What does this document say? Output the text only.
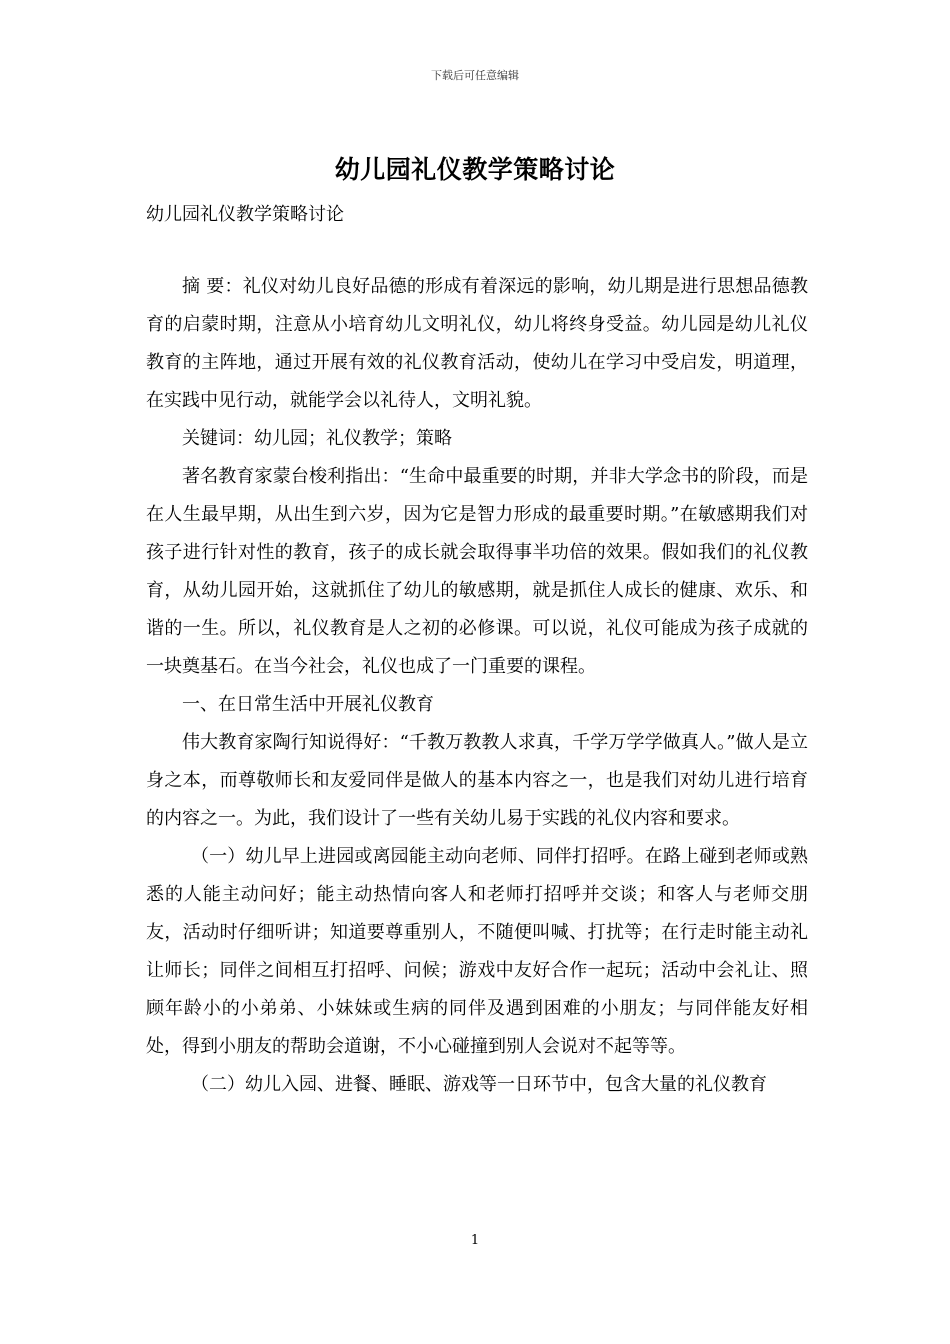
下载后可任意编辑
幼儿园礼仪教学策略讨论
幼儿园礼仪教学策略讨论

摘 要：礼仪对幼儿良好品德的形成有着深远的影响，幼儿期是进行思想品德教育的启蒙时期，注意从小培育幼儿文明礼仪，幼儿将终身受益。幼儿园是幼儿礼仪教育的主阵地，通过开展有效的礼仪教育活动，使幼儿在学习中受启发，明道理，在实践中见行动，就能学会以礼待人，文明礼貌。

关键词：幼儿园；礼仪教学；策略

著名教育家蒙台梭利指出：“生命中最重要的时期，并非大学念书的阶段，而是在人生最早期，从出生到六岁，因为它是智力形成的最重要时期。”在敏感期我们对孩子进行针对性的教育，孩子的成长就会取得事半功倍的效果。假如我们的礼仪教育，从幼儿园开始，这就抓住了幼儿的敏感期，就是抓住人成长的健康、欢乐、和谐的一生。所以，礼仪教育是人之初的必修课。可以说，礼仪可能成为孩子成就的一块奠基石。在当今社会，礼仪也成了一门重要的课程。

一、在日常生活中开展礼仪教育

伟大教育家陶行知说得好：“千教万教教人求真，千学万学学做真人。”做人是立身之本，而尊敬师长和友爱同伴是做人的基本内容之一，也是我们对幼儿进行培育的内容之一。为此，我们设计了一些有关幼儿易于实践的礼仪内容和要求。

（一）幼儿早上进园或离园能主动向老师、同伴打招呼。在路上碰到老师或熟悉的人能主动问好；能主动热情向客人和老师打招呼并交谈；和客人与老师交朋友，活动时仔细听讲；知道要尊重别人，不随便叫喊、打扰等；在行走时能主动礼让师长；同伴之间相互打招呼、问候；游戏中友好合作一起玩；活动中会礼让、照顾年龄小的小弟弟、小妹妹或生病的同伴及遇到困难的小朋友；与同伴能友好相处，得到小朋友的帮助会道谢，不小心碰撞到别人会说对不起等等。

（二）幼儿入园、进餐、睡眠、游戏等一日环节中，包含大量的礼仪教育

1
